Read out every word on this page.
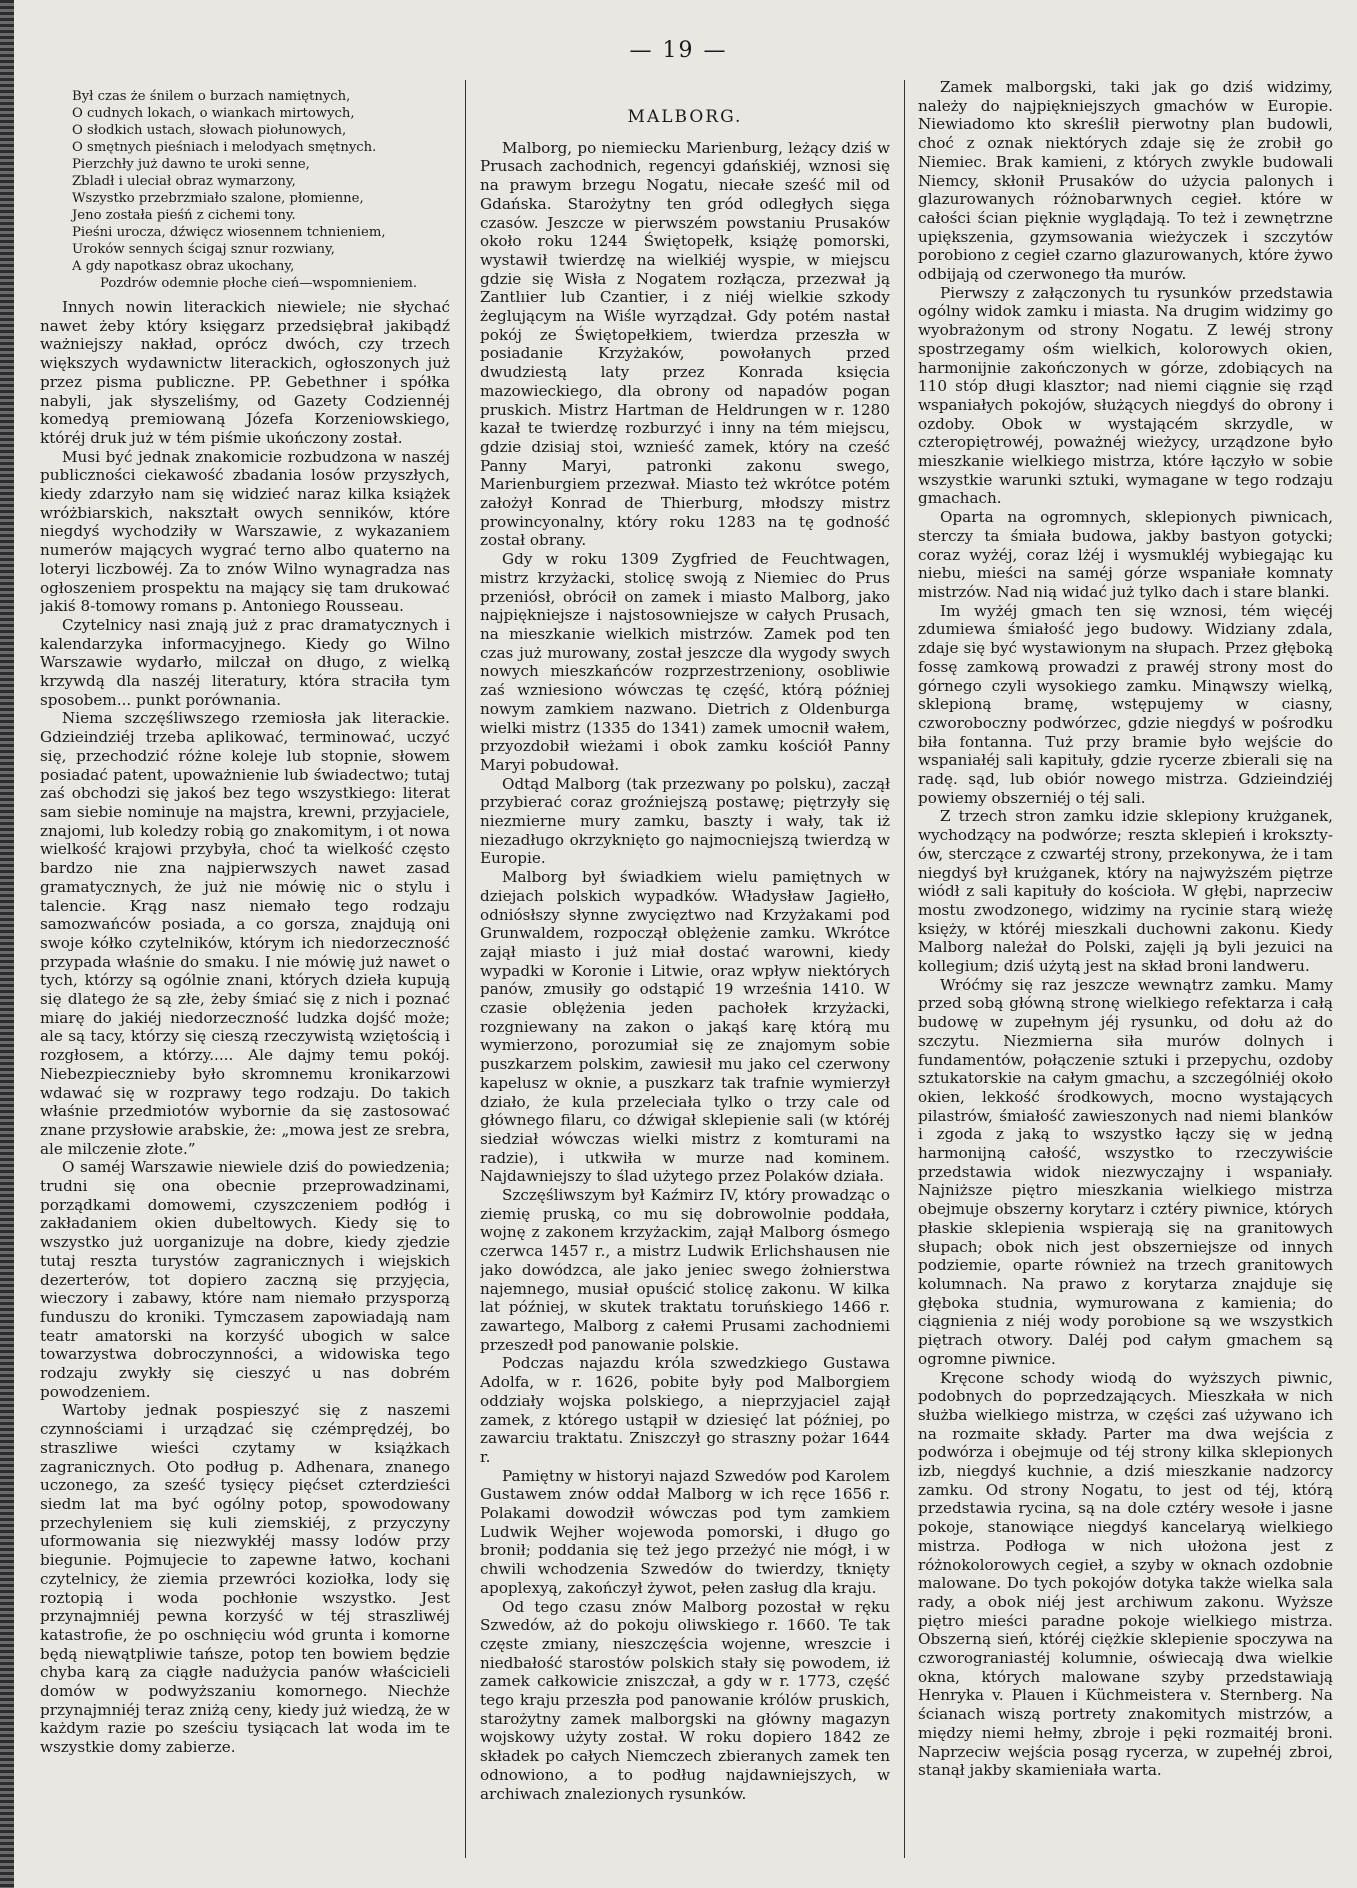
— 19 —
Był czas że śnilem o burzach namiętnych,
O cudnych lokach, o wiankach mirtowych,
O słodkich ustach, słowach piołunowych,
O smętnych pieśniach i melodyach smętnych.
Pierzchły już dawno te uroki senne,
Zbladł i uleciał obraz wymarzony,
Wszystko przebrzmiało szalone, płomienne,
Jeno została pieśń z cichemi tony.
Pieśni urocza, dźwięcz wiosennem tchnieniem,
Uroków sennych ścigaj sznur rozwiany,
A gdy napotkasz obraz ukochany,
Pozdrów odemnie płoche cień—wspomnieniem.

Innych nowin literackich niewiele; nie słychać nawet żeby który księgarz przedsiębrał jakibądź ważniejszy nakład, oprócz dwóch, czy trzech większych wydawnictw literackich, ogłoszonych już przez pisma publiczne. PP. Gebethner i spółka nabyli, jak słyszeliśmy, od Gazety Codziennéj komedyą premiowaną Józefa Korzeniowskiego, któréj druk już w tém piśmie ukończony został.

Musi być jednak znakomicie rozbudzona w naszéj publiczności ciekawość zbadania losów przyszłych, kiedy zdarzyło nam się widzieć naraz kilka książek wróżbiarskich, nakształt owych senników, które niegdyś wychodziły w Warszawie, z wykazaniem numerów mających wygrać terno albo quaterno na loteryi liczbowéj. Za to znów Wilno wynagradza nas ogłoszeniem prospektu na mający się tam drukować jakiś 8-tomowy romans p. Antoniego Rousseau.

Czytelnicy nasi znają już z prac dramatycznych i kalendarzyka informacyjnego. Kiedy go Wilno Warszawie wydarło, milczał on długo, z wielką krzywdą dla naszéj literatury, która straciła tym sposobem... punkt porównania.

Niema szczęśliwszego rzemiosła jak literackie. Gdzieindziéj trzeba aplikować, terminować, uczyć się, przechodzić różne koleje lub stopnie, słowem posiadać patent, upoważnienie lub świadectwo; tutaj zaś obchodzi się jakoś bez tego wszystkiego: literat sam siebie nominuje na majstra, krewni, przyjaciele, znajomi, lub koledzy robią go znakomitym, i ot nowa wielkość krajowi przybyła, choć ta wielkość często bardzo nie zna najpierwszych nawet zasad gramatycznych, że już nie mówię nic o stylu i talencie. Krąg nasz niemało tego rodzaju samozwańców posiada, a co gorsza, znajdują oni swoje kółko czytelników, którym ich niedorzeczność przypada właśnie do smaku. I nie mówię już nawet o tych, którzy są ogólnie znani, których dzieła kupują się dlatego że są złe, żeby śmiać się z nich i poznać miarę do jakiéj niedorzeczność ludzka dojść może; ale są tacy, którzy się cieszą rzeczywistą wziętością i rozgłosem, a którzy..... Ale dajmy temu pokój. Niebezpiecznieby było skromnemu kronikarzowi wdawać się w rozprawy tego rodzaju. Do takich właśnie przedmiotów wybornie da się zastosować znane przysłowie arabskie, że: „mowa jest ze srebra, ale milczenie złote.”

O saméj Warszawie niewiele dziś do powiedzenia; trudni się ona obecnie przeprowadzinami, porządkami domowemi, czyszczeniem podłóg i zakładaniem okien dubeltowych. Kiedy się to wszystko już uorganizuje na dobre, kiedy zjedzie tutaj reszta turystów zagranicznych i wiejskich dezerterów, tot dopiero zaczną się przyjęcia, wieczory i zabawy, które nam niemało przysporzą funduszu do kroniki. Tymczasem zapowiadają nam teatr amatorski na korzyść ubogich w salce towarzystwa dobroczynności, a widowiska tego rodzaju zwykły się cieszyć u nas dobrém powodzeniem.

Wartoby jednak pospieszyć się z naszemi czynnościami i urządzać się czémprędzéj, bo straszliwe wieści czytamy w książkach zagranicznych. Oto podług p. Adhenara, znanego uczonego, za sześć tysięcy pięćset czterdzieści siedm lat ma być ogólny potop, spowodowany przechyleniem się kuli ziemskiéj, z przyczyny uformowania się niezwykłéj massy lodów przy biegunie. Pojmujecie to zapewne łatwo, kochani czytelnicy, że ziemia przewróci koziołka, lody się roztopią i woda pochłonie wszystko. Jest przynajmniéj pewna korzyść w téj straszliwéj katastrofie, że po oschnięciu wód grunta i komorne będą niewątpliwie tańsze, potop ten bowiem będzie chyba karą za ciągłe nadużycia panów właścicieli domów w podwyższaniu komornego. Niechże przynajmniéj teraz zniżą ceny, kiedy już wiedzą, że w każdym razie po sześciu tysiącach lat woda im te wszystkie domy zabierze.

MALBORG.

Malborg, po niemiecku Marienburg, leżący dziś w Prusach zachodnich, regencyi gdańskiéj, wznosi się na prawym brzegu Nogatu, niecałe sześć mil od Gdańska. Starożytny ten gród odległych sięga czasów. Jeszcze w pierwszém powstaniu Prusaków około roku 1244 Świętopełk, książę pomorski, wystawił twierdzę na wielkiéj wyspie, w miejscu gdzie się Wisła z Nogatem rozłącza, przezwał ją Zantlıier lub Czantier, i z niéj wielkie szkody żeglującym na Wiśle wyrządzał. Gdy potém nastał pokój ze Świętopełkiem, twierdza przeszła w posiadanie Krzyżaków, powołanych przed dwudziestą laty przez Konrada księcia mazowieckiego, dla obrony od napadów pogan pruskich. Mistrz Hartman de Heldrungen w r. 1280 kazał te twierdzę rozburzyć i inny na tém miejscu, gdzie dzisiaj stoi, wznieść zamek, który na cześć Panny Maryi, patronki zakonu swego, Marienburgiem przezwał. Miasto też wkrótce potém założył Konrad de Thierburg, młodszy mistrz prowincyonalny, który roku 1283 na tę godność został obrany.

Gdy w roku 1309 Zygfried de Feuchtwagen, mistrz krzyżacki, stolicę swoją z Niemiec do Prus przeniósł, obrócił on zamek i miasto Malborg, jako najpiękniejsze i najstosowniejsze w całych Prusach, na mieszkanie wielkich mistrzów. Zamek pod ten czas już murowany, został jeszcze dla wygody swych nowych mieszkańców rozprzestrzeniony, osobliwie zaś wzniesiono wówczas tę część, którą później nowym zamkiem nazwano. Dietrich z Oldenburga wielki mistrz (1335 do 1341) zamek umocnił wałem, przyozdobił wieżami i obok zamku kościół Panny Maryi pobudował.

Odtąd Malborg (tak przezwany po polsku), zaczął przybierać coraz groźniejszą postawę; piętrzyły się niezmierne mury zamku, baszty i wały, tak iż niezadługo okrzyknięto go najmocniejszą twierdzą w Europie.

Malborg był świadkiem wielu pamiętnych w dziejach polskich wypadków. Władysław Jagiełło, odniósłszy słynne zwycięztwo nad Krzyżakami pod Grunwaldem, rozpoczął oblężenie zamku. Wkrótce zajął miasto i już miał dostać warowni, kiedy wypadki w Koronie i Litwie, oraz wpływ niektórych panów, zmusiły go odstąpić 19 września 1410. W czasie oblężenia jeden pachołek krzyżacki, rozgniewany na zakon o jakąś karę którą mu wymierzono, porozumiał się ze znajomym sobie puszkarzem polskim, zawiesił mu jako cel czerwony kapelusz w oknie, a puszkarz tak trafnie wymierzył działo, że kula przeleciała tylko o trzy cale od głównego filaru, co dźwigał sklepienie sali (w któréj siedział wówczas wielki mistrz z komturami na radzie), i utkwiła w murze nad kominem. Najdawniejszy to ślad użytego przez Polaków działa.

Szczęśliwszym był Kaźmirz IV, który prowadząc o ziemię pruską, co mu się dobrowolnie poddała, wojnę z zakonem krzyżackim, zajął Malborg ósmego czerwca 1457 r., a mistrz Ludwik Erlichshausen nie jako dowódzca, ale jako jeniec swego żołnierstwa najemnego, musiał opuścić stolicę zakonu. W kilka lat później, w skutek traktatu toruńskiego 1466 r. zawartego, Malborg z całemi Prusami zachodniemi przeszedł pod panowanie polskie.

Podczas najazdu króla szwedzkiego Gustawa Adolfa, w r. 1626, pobite były pod Malborgiem oddziały wojska polskiego, a nieprzyjaciel zajął zamek, z którego ustąpił w dziesięć lat później, po zawarciu traktatu. Zniszczył go straszny pożar 1644 r.

Pamiętny w historyi najazd Szwedów pod Karolem Gustawem znów oddał Malborg w ich ręce 1656 r. Polakami dowodził wówczas pod tym zamkiem Ludwik Wejher wojewoda pomorski, i długo go bronił; poddania się też jego przeżyć nie mógł, i w chwili wchodzenia Szwedów do twierdzy, tknięty apoplexyą, zakończył żywot, pełen zasług dla kraju.

Od tego czasu znów Malborg pozostał w ręku Szwedów, aż do pokoju oliwskiego r. 1660. Te tak częste zmiany, nieszczęścia wojenne, wreszcie i niedbałość starostów polskich stały się powodem, iż zamek całkowicie zniszczał, a gdy w r. 1773, część tego kraju przeszła pod panowanie królów pruskich, starożytny zamek malborgski na główny magazyn wojskowy użyty został. W roku dopiero 1842 ze składek po całych Niemczech zbieranych zamek ten odnowiono, a to podług najdawniejszych, w archiwach znalezionych rysunków.

Zamek malborgski, taki jak go dziś widzimy, należy do najpiękniejszych gmachów w Europie. Niewiadomo kto skreślił pierwotny plan budowli, choć z oznak niektórych zdaje się że zrobił go Niemiec. Brak kamieni, z których zwykle budowali Niemcy, skłonił Prusaków do użycia palonych i glazurowanych różnobarwnych cegieł. które w całości ścian pięknie wyglądają. To też i zewnętrzne upiększenia, gzymsowania wieżyczek i szczytów porobiono z cegieł czarno glazurowanych, które żywo odbijają od czerwonego tła murów.

Pierwszy z załączonych tu rysunków przedstawia ogólny widok zamku i miasta. Na drugim widzimy go wyobrażonym od strony Nogatu. Z lewéj strony spostrzegamy ośm wielkich, kolorowych okien, harmonijnie zakończonych w górze, zdobiących na 110 stóp długi klasztor; nad niemi ciągnie się rząd wspaniałych pokojów, służących niegdyś do obrony i ozdoby. Obok w wystającém skrzydle, w czteropiętrowéj, poważnéj wieżycy, urządzone było mieszkanie wielkiego mistrza, które łączyło w sobie wszystkie warunki sztuki, wymagane w tego rodzaju gmachach.

Oparta na ogromnych, sklepionych piwnicach, sterczy ta śmiała budowa, jakby bastyon gotycki; coraz wyżéj, coraz lżéj i wysmukléj wybiegając ku niebu, mieści na saméj górze wspaniałe komnaty mistrzów. Nad nią widać już tylko dach i stare blanki.

Im wyżéj gmach ten się wznosi, tém więcéj zdumiewa śmiałość jego budowy. Widziany zdala, zdaje się być wystawionym na słupach. Przez głęboką fossę zamkową prowadzi z prawéj strony most do górnego czyli wysokiego zamku. Minąwszy wielką, sklepioną bramę, wstępujemy w ciasny, czworoboczny podwórzec, gdzie niegdyś w pośrodku biła fontanna. Tuż przy bramie było wejście do wspaniałéj sali kapituły, gdzie rycerze zbierali się na radę. sąd, lub obiór nowego mistrza. Gdzieindziéj powiemy obszerniéj o téj sali.

Z trzech stron zamku idzie sklepiony krużganek, wychodzący na podwórze; reszta sklepień i krokszty-ów, sterczące z czwartéj strony, przekonywa, że i tam niegdyś był krużganek, który na najwyższém piętrze wiódł z sali kapituły do kościoła. W głębi, naprzeciw mostu zwodzonego, widzimy na rycinie starą wieżę księży, w któréj mieszkali duchowni zakonu. Kiedy Malborg należał do Polski, zajęli ją byli jezuici na kollegium; dziś użytą jest na skład broni landweru.

Wróćmy się raz jeszcze wewnątrz zamku. Mamy przed sobą główną stronę wielkiego refektarza i całą budowę w zupełnym jéj rysunku, od dołu aż do szczytu. Niezmierna siła murów dolnych i fundamentów, połączenie sztuki i przepychu, ozdoby sztukatorskie na całym gmachu, a szczególniéj około okien, lekkość środkowych, mocno wystających pilastrów, śmiałość zawieszonych nad niemi blanków i zgoda z jaką to wszystko łączy się w jedną harmonijną całość, wszystko to rzeczywiście przedstawia widok niezwyczajny i wspaniały. Najniższe piętro mieszkania wielkiego mistrza obejmuje obszerny korytarz i cztéry piwnice, których płaskie sklepienia wspierają się na granitowych słupach; obok nich jest obszerniejsze od innych podziemie, oparte również na trzech granitowych kolumnach. Na prawo z korytarza znajduje się głęboka studnia, wymurowana z kamienia; do ciągnienia z niéj wody porobione są we wszystkich piętrach otwory. Daléj pod całym gmachem są ogromne piwnice.

Kręcone schody wiodą do wyższych piwnic, podobnych do poprzedzających. Mieszkała w nich służba wielkiego mistrza, w części zaś używano ich na rozmaite składy. Parter ma dwa wejścia z podwórza i obejmuje od téj strony kilka sklepionych izb, niegdyś kuchnie, a dziś mieszkanie nadzorcy zamku. Od strony Nogatu, to jest od téj, którą przedstawia rycina, są na dole cztéry wesołe i jasne pokoje, stanowiące niegdyś kancelaryą wielkiego mistrza. Podłoga w nich ułożona jest z różnokolorowych cegieł, a szyby w oknach ozdobnie malowane. Do tych pokojów dotyka także wielka sala rady, a obok niéj jest archiwum zakonu. Wyższe piętro mieści paradne pokoje wielkiego mistrza. Obszerną sień, któréj ciężkie sklepienie spoczywa na czworograniastéj kolumnie, oświecają dwa wielkie okna, których malowane szyby przedstawiają Henryka v. Plauen i Küchmeistera v. Sternberg. Na ścianach wiszą portrety znakomitych mistrzów, a między niemi hełmy, zbroje i pęki rozmaitéj broni. Naprzeciw wejścia posąg rycerza, w zupełnéj zbroi, stanął jakby skamieniała warta.
